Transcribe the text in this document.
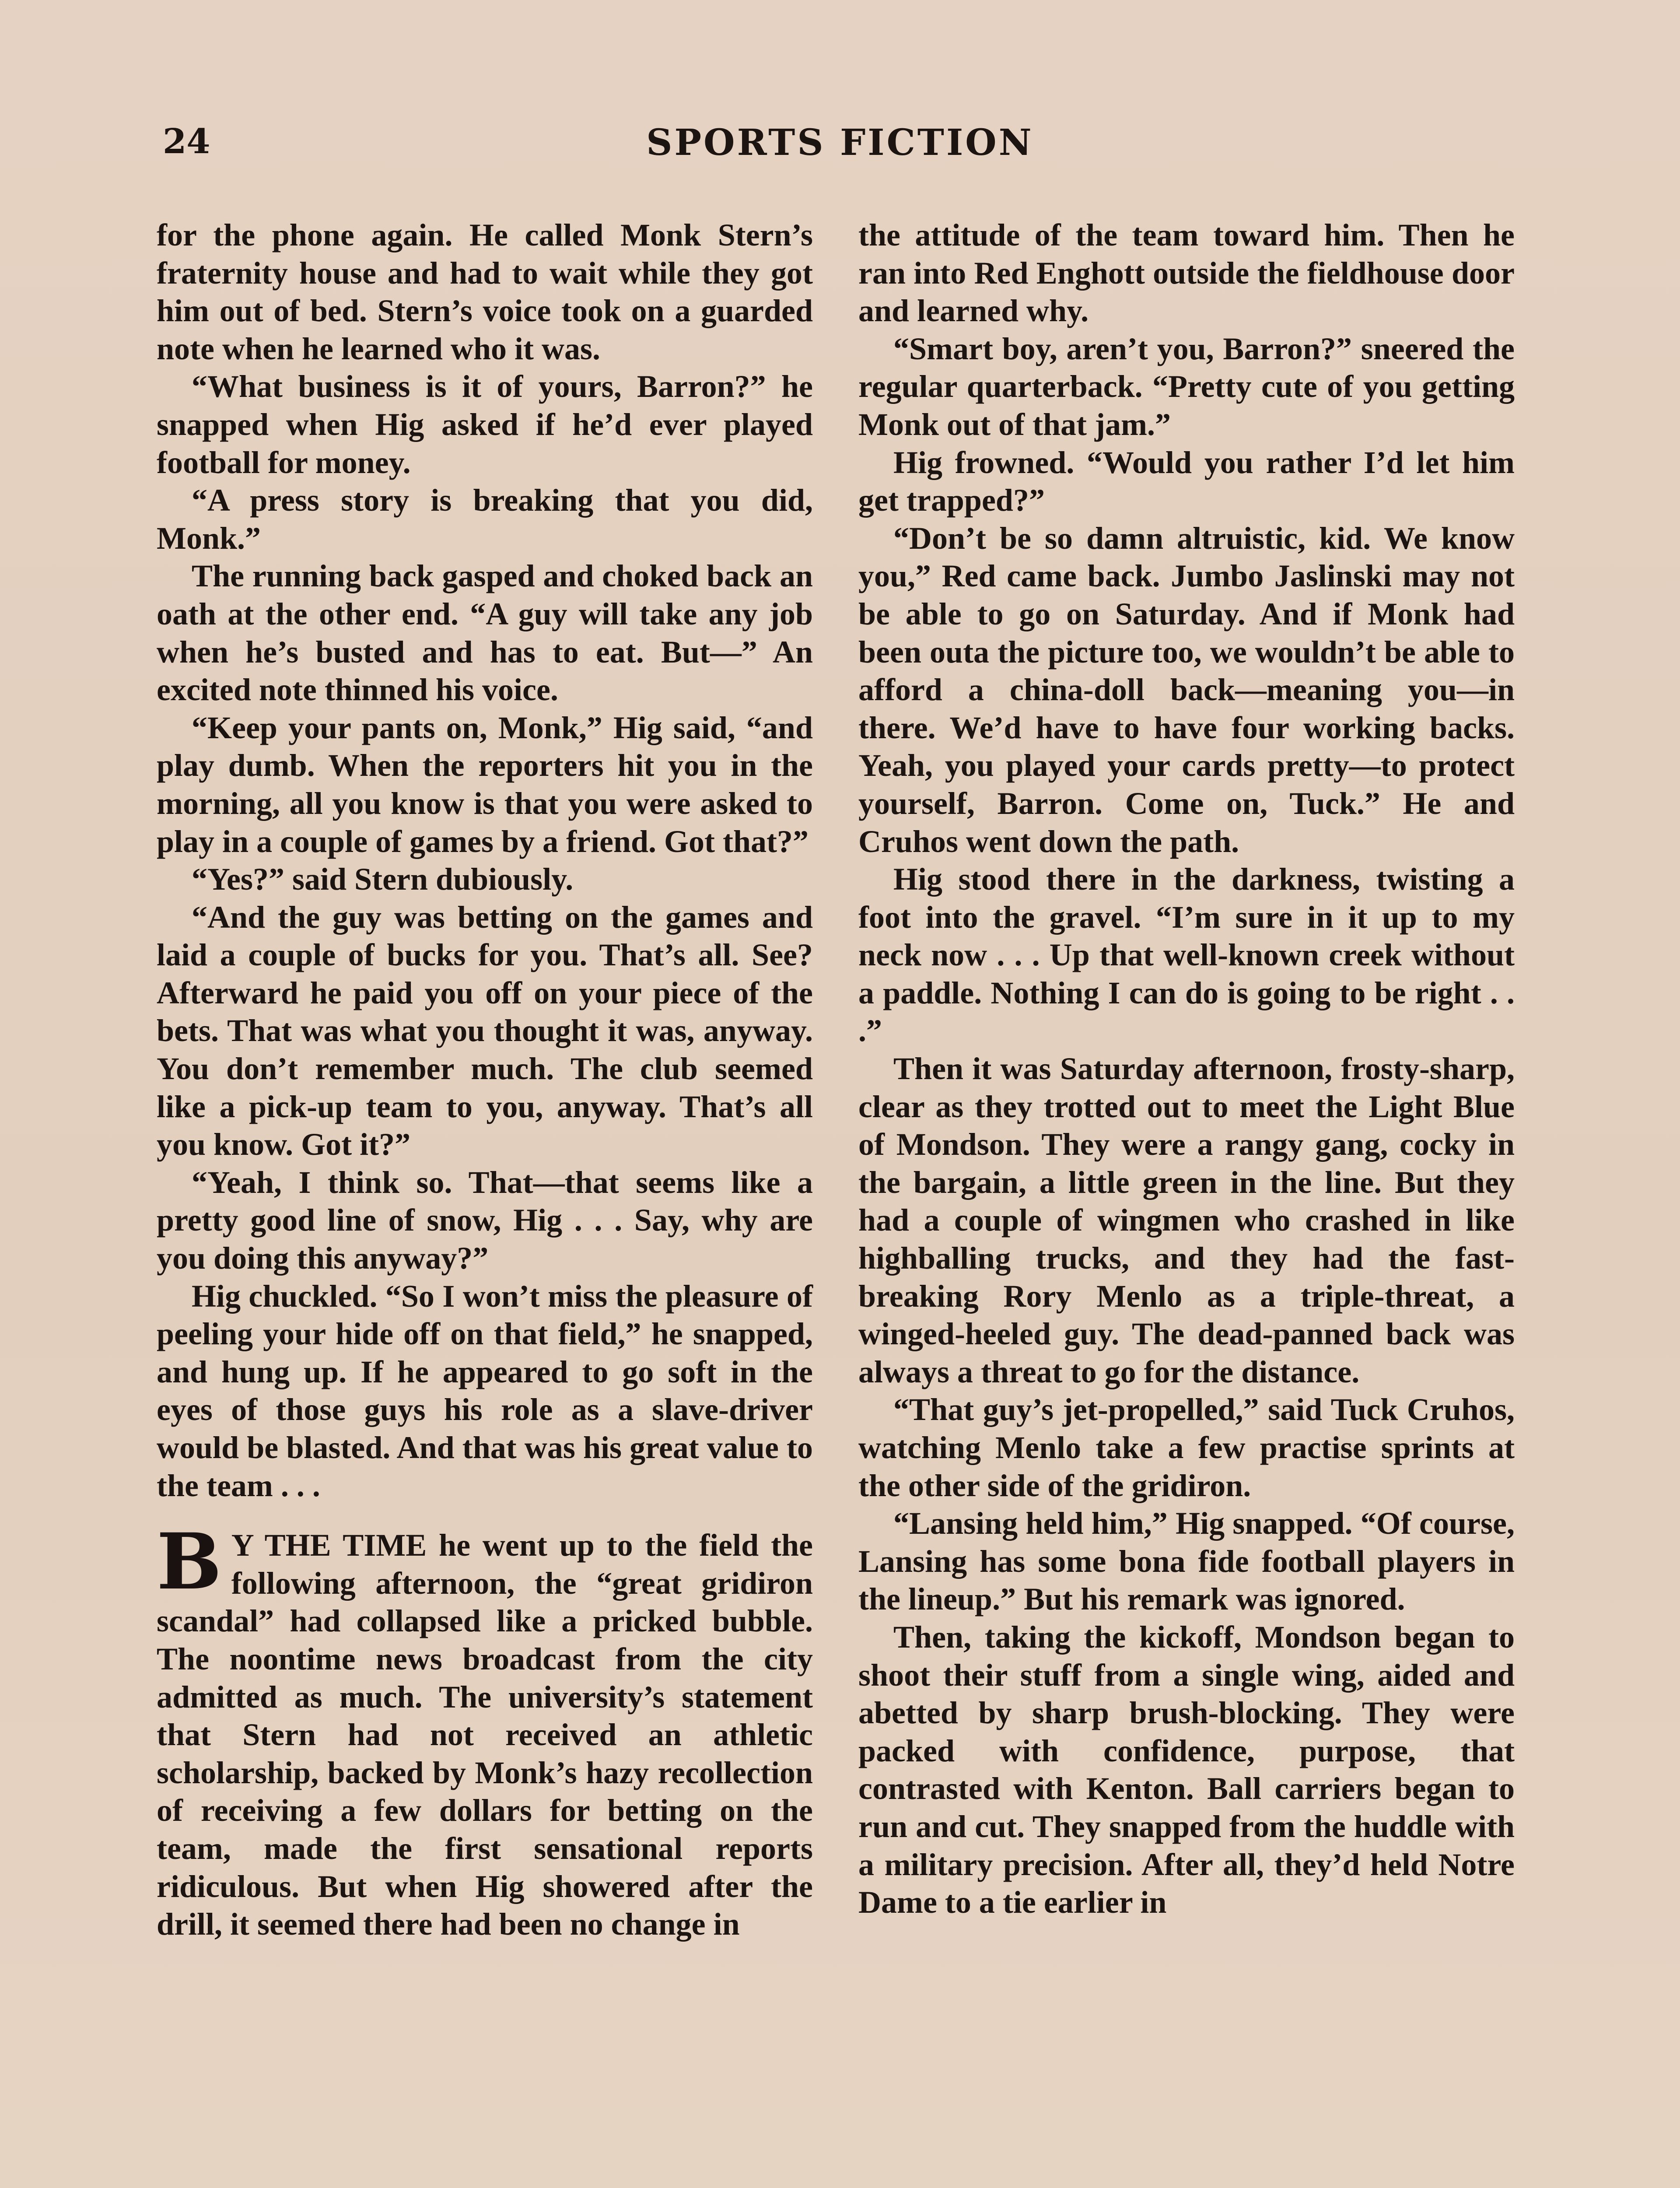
24	SPORTS FICTION

for the phone again. He called Monk Stern’s fraternity house and had to wait while they got him out of bed. Stern’s voice took on a guarded note when he learned who it was.

“What business is it of yours, Barron?” he snapped when Hig asked if he’d ever played football for money.

“A press story is breaking that you did, Monk.”

The running back gasped and choked back an oath at the other end. “A guy will take any job when he’s busted and has to eat. But—” An excited note thinned his voice.

“Keep your pants on, Monk,” Hig said, “and play dumb. When the reporters hit you in the morning, all you know is that you were asked to play in a couple of games by a friend. Got that?”

“Yes?” said Stern dubiously.

“And the guy was betting on the games and laid a couple of bucks for you. That’s all. See? Afterward he paid you off on your piece of the bets. That was what you thought it was, anyway. You don’t remember much. The club seemed like a pick-up team to you, anyway. That’s all you know. Got it?”

“Yeah, I think so. That—that seems like a pretty good line of snow, Hig . . . Say, why are you doing this anyway?”

Hig chuckled. “So I won’t miss the pleasure of peeling your hide off on that field,” he snapped, and hung up. If he appeared to go soft in the eyes of those guys his role as a slave-driver would be blasted. And that was his great value to the team . . .

B Y THE TIME he went up to the field the following afternoon, the “great gridiron scandal” had collapsed like a pricked bubble. The noontime news broadcast from the city admitted as much. The university’s statement that Stern had not received an athletic scholarship, backed by Monk’s hazy recollection of receiving a few dollars for betting on the team, made the first sensational reports ridiculous. But when Hig showered after the drill, it seemed there had been no change in

the attitude of the team toward him. Then he ran into Red Enghott outside the fieldhouse door and learned why.

“Smart boy, aren’t you, Barron?” sneered the regular quarterback. “Pretty cute of you getting Monk out of that jam.”

Hig frowned. “Would you rather I’d let him get trapped?”

“Don’t be so damn altruistic, kid. We know you,” Red came back. Jumbo Jaslinski may not be able to go on Saturday. And if Monk had been outa the picture too, we wouldn’t be able to afford a china-doll back—meaning you—in there. We’d have to have four working backs. Yeah, you played your cards pretty—to protect yourself, Barron. Come on, Tuck.” He and Cruhos went down the path.

Hig stood there in the darkness, twisting a foot into the gravel. “I’m sure in it up to my neck now . . . Up that well-known creek without a paddle. Nothing I can do is going to be right . . .”

Then it was Saturday afternoon, frosty-sharp, clear as they trotted out to meet the Light Blue of Mondson. They were a rangy gang, cocky in the bargain, a little green in the line. But they had a couple of wingmen who crashed in like highballing trucks, and they had the fast-breaking Rory Menlo as a triple-threat, a winged-heeled guy. The dead-panned back was always a threat to go for the distance.

“That guy’s jet-propelled,” said Tuck Cruhos, watching Menlo take a few practise sprints at the other side of the gridiron.

“Lansing held him,” Hig snapped. “Of course, Lansing has some bona fide football players in the lineup.” But his remark was ignored.

Then, taking the kickoff, Mondson began to shoot their stuff from a single wing, aided and abetted by sharp brush-blocking. They were packed with confidence, purpose, that contrasted with Kenton. Ball carriers began to run and cut. They snapped from the huddle with a military precision. After all, they’d held Notre Dame to a tie earlier in
